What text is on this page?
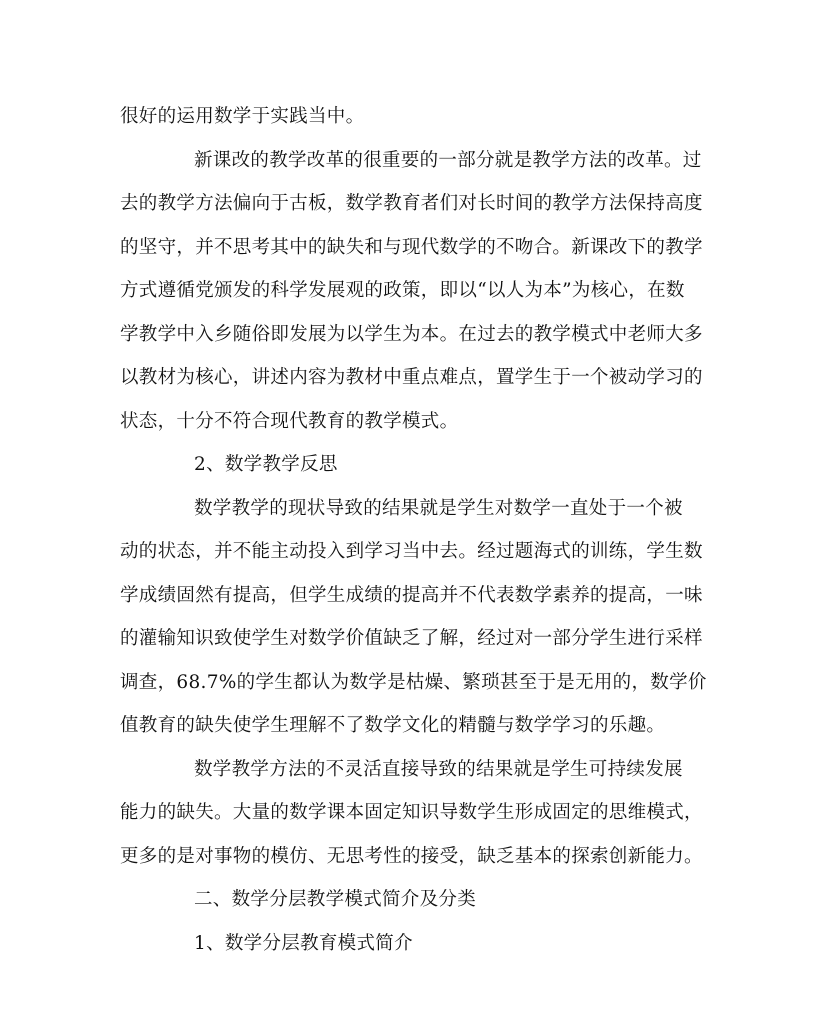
很好的运用数学于实践当中。
新课改的教学改革的很重要的一部分就是教学方法的改革。过
去的教学方法偏向于古板，数学教育者们对长时间的教学方法保持高度
的坚守，并不思考其中的缺失和与现代数学的不吻合。新课改下的教学
方式遵循党颁发的科学发展观的政策，即以“以人为本”为核心，在数
学教学中入乡随俗即发展为以学生为本。在过去的教学模式中老师大多
以教材为核心，讲述内容为教材中重点难点，置学生于一个被动学习的
状态，十分不符合现代教育的教学模式。
2、数学教学反思
数学教学的现状导致的结果就是学生对数学一直处于一个被
动的状态，并不能主动投入到学习当中去。经过题海式的训练，学生数
学成绩固然有提高，但学生成绩的提高并不代表数学素养的提高，一味
的灌输知识致使学生对数学价值缺乏了解，经过对一部分学生进行采样
调查，68.7%的学生都认为数学是枯燥、繁琐甚至于是无用的，数学价
值教育的缺失使学生理解不了数学文化的精髓与数学学习的乐趣。
数学教学方法的不灵活直接导致的结果就是学生可持续发展
能力的缺失。大量的数学课本固定知识导数学生形成固定的思维模式，
更多的是对事物的模仿、无思考性的接受，缺乏基本的探索创新能力。
二、数学分层教学模式简介及分类
1、数学分层教育模式简介
